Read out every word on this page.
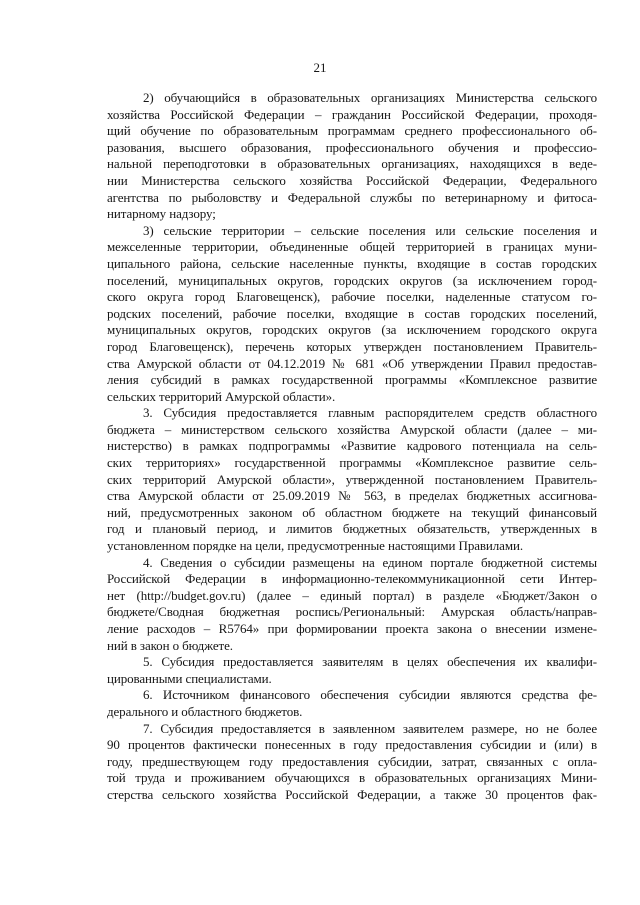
21
2) обучающийся в образовательных организациях Министерства сельского
хозяйства Российской Федерации – гражданин Российской Федерации, проходя-
щий обучение по образовательным программам среднего профессионального об-
разования, высшего образования, профессионального обучения и профессио-
нальной переподготовки в образовательных организациях, находящихся в веде-
нии Министерства сельского хозяйства Российской Федерации, Федерального
агентства по рыболовству и Федеральной службы по ветеринарному и фитоса-
нитарному надзору;
3) сельские территории – сельские поселения или сельские поселения и
межселенные территории, объединенные общей территорией в границах муни-
ципального района, сельские населенные пункты, входящие в состав городских
поселений, муниципальных округов, городских округов (за исключением город-
ского округа город Благовещенск), рабочие поселки, наделенные статусом го-
родских поселений, рабочие поселки, входящие в состав городских поселений,
муниципальных округов, городских округов (за исключением городского округа
город Благовещенск), перечень которых утвержден постановлением Правитель-
ства Амурской области от 04.12.2019 № 681 «Об утверждении Правил предостав-
ления субсидий в рамках государственной программы «Комплексное развитие
сельских территорий Амурской области».
3. Субсидия предоставляется главным распорядителем средств областного
бюджета – министерством сельского хозяйства Амурской области (далее – ми-
нистерство) в рамках подпрограммы «Развитие кадрового потенциала на сель-
ских территориях» государственной программы «Комплексное развитие сель-
ских территорий Амурской области», утвержденной постановлением Правитель-
ства Амурской области от 25.09.2019 № 563, в пределах бюджетных ассигнова-
ний, предусмотренных законом об областном бюджете на текущий финансовый
год и плановый период, и лимитов бюджетных обязательств, утвержденных в
установленном порядке на цели, предусмотренные настоящими Правилами.
4. Сведения о субсидии размещены на едином портале бюджетной системы
Российской Федерации в информационно-телекоммуникационной сети Интер-
нет (http://budget.gov.ru) (далее – единый портал) в разделе «Бюджет/Закон о
бюджете/Сводная бюджетная роспись/Региональный: Амурская область/направ-
ление расходов – R5764» при формировании проекта закона о внесении измене-
ний в закон о бюджете.
5. Субсидия предоставляется заявителям в целях обеспечения их квалифи-
цированными специалистами.
6. Источником финансового обеспечения субсидии являются средства фе-
дерального и областного бюджетов.
7. Субсидия предоставляется в заявленном заявителем размере, но не более
90 процентов фактически понесенных в году предоставления субсидии и (или) в
году, предшествующем году предоставления субсидии, затрат, связанных с опла-
той труда и проживанием обучающихся в образовательных организациях Мини-
стерства сельского хозяйства Российской Федерации, а также 30 процентов фак-
